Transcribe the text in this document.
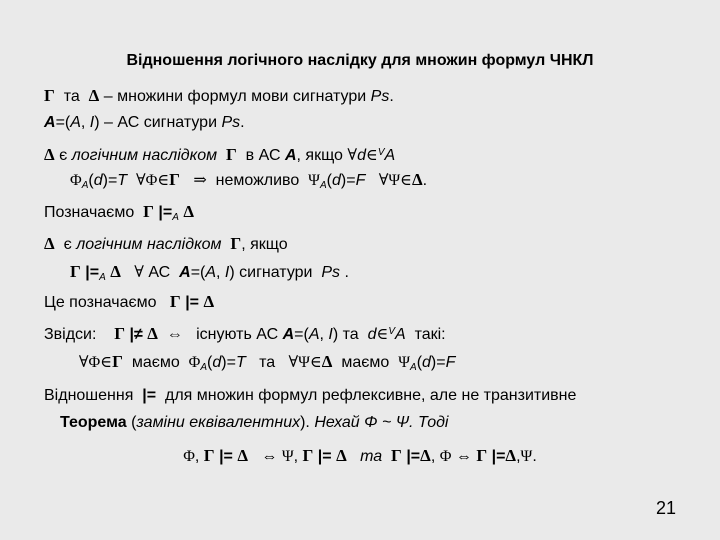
Відношення логічного наслідку для множин формул ЧНКЛ
Γ та Δ – множини формул мови сигнатури Ps.
A=(A, I) – АС сигнатури Ps.
Δ є логічним наслідком Γ в АС A, якщо ∀d∈$^V$A
$\Phi_A(d)=T$ ∀Φ∈Γ ⇒ неможливо $\Psi_A(d)=F$ ∀Ψ∈Δ.
Позначаємо Γ $|=_A$ Δ
Δ є логічним наслідком Γ, якщо
Γ $|=_A$ Δ ∀ АС A=(A, I) сигнатури Ps .
Це позначаємо Γ |= Δ
Звідси: Γ |≠ Δ ⇔ існують АС A=(A, I) та d∈$^V$A такі:
∀Φ∈Γ маємо $\Phi_A(d)=T$ та ∀Ψ∈Δ маємо $\Psi_A(d)=F$
Відношення |= для множин формул рефлексивне, але не транзитивне
Теорема (заміни еквівалентних). Нехай Φ ~ Ψ. Тоді
Φ, Γ |= Δ ⇔ Ψ, Γ |= Δ та Γ |=Δ, Φ ⇔ Γ |=Δ,Ψ.
21
